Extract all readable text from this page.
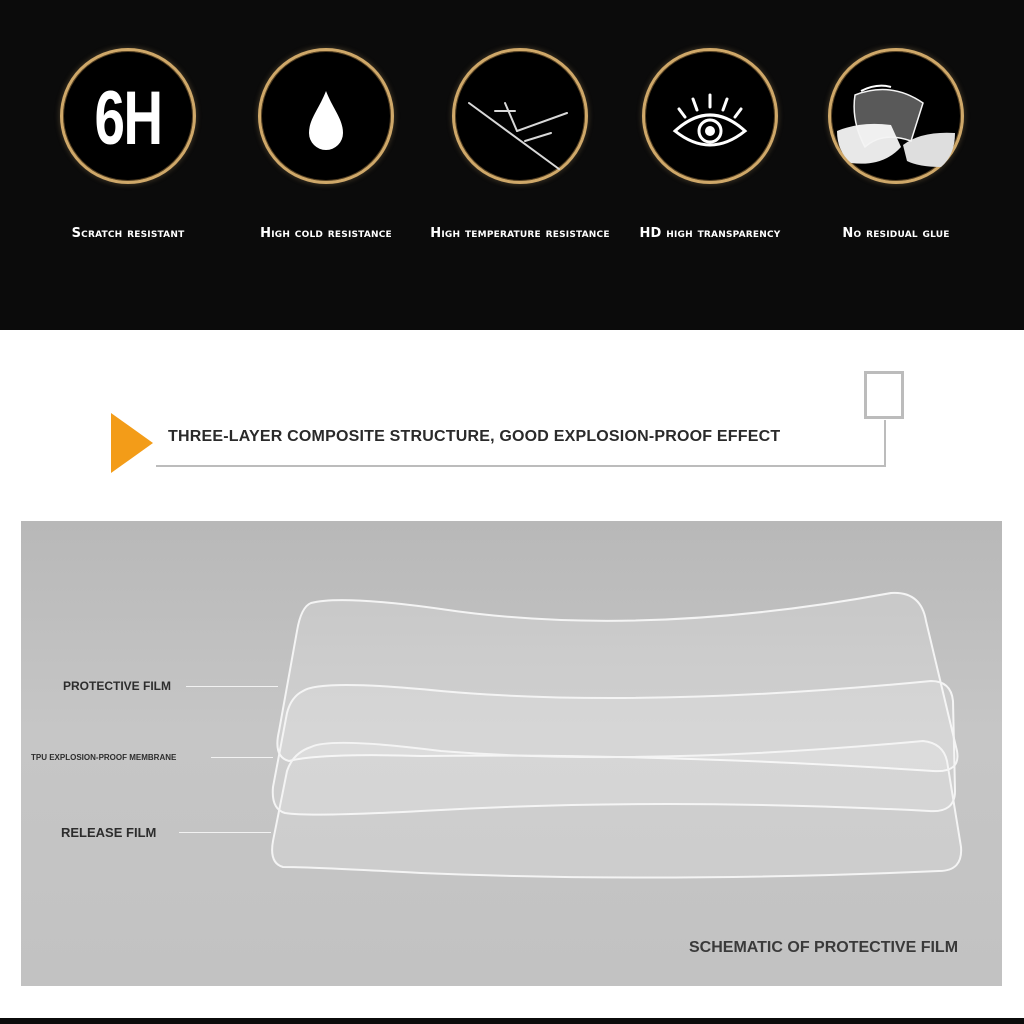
6H
Scratch resistant	High cold resistance	High temperature resistance	HD high transparency	No residual glue
THREE-LAYER COMPOSITE STRUCTURE, GOOD EXPLOSION-PROOF EFFECT
PROTECTIVE FILM
TPU EXPLOSION-PROOF MEMBRANE
RELEASE FILM
SCHEMATIC OF PROTECTIVE FILM
